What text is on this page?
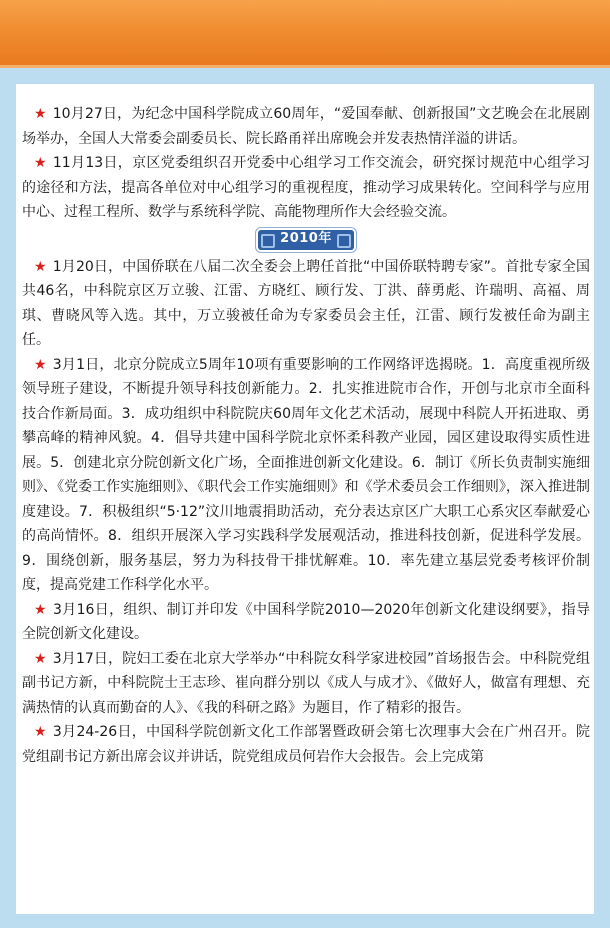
★ 10月27日，为纪念中国科学院成立60周年，“爱国奉献、创新报国”文艺晚会在北展剧场举办，全国人大常委会副委员长、院长路甬祥出席晚会并发表热情洋溢的讲话。

★ 11月13日，京区党委组织召开党委中心组学习工作交流会，研究探讨规范中心组学习的途径和方法，提高各单位对中心组学习的重视程度，推动学习成果转化。空间科学与应用中心、过程工程所、数学与系统科学院、高能物理所作大会经验交流。

2010年

★ 1月20日，中国侨联在八届二次全委会上聘任首批“中国侨联特聘专家”。首批专家全国共46名，中科院京区万立骏、江雷、方晓红、顾行发、丁洪、薛勇彪、许瑞明、高福、周琪、曹晓风等入选。其中，万立骏被任命为专家委员会主任，江雷、顾行发被任命为副主任。

★ 3月1日，北京分院成立5周年10项有重要影响的工作网络评选揭晓。1．高度重视所级领导班子建设，不断提升领导科技创新能力。2．扎实推进院市合作，开创与北京市全面科技合作新局面。3．成功组织中科院院庆60周年文化艺术活动，展现中科院人开拓进取、勇攀高峰的精神风貌。4．倡导共建中国科学院北京怀柔科教产业园，园区建设取得实质性进展。5．创建北京分院创新文化广场，全面推进创新文化建设。6．制订《所长负责制实施细则》、《党委工作实施细则》、《职代会工作实施细则》和《学术委员会工作细则》，深入推进制度建设。7．积极组织“5·12”汶川地震捐助活动，充分表达京区广大职工心系灾区奉献爱心的高尚情怀。8．组织开展深入学习实践科学发展观活动，推进科技创新，促进科学发展。9．围绕创新，服务基层，努力为科技骨干排忧解难。10．率先建立基层党委考核评价制度，提高党建工作科学化水平。

★ 3月16日，组织、制订并印发《中国科学院2010—2020年创新文化建设纲要》，指导全院创新文化建设。

★ 3月17日，院妇工委在北京大学举办“中科院女科学家进校园”首场报告会。中科院党组副书记方新，中科院院士王志珍、崔向群分别以《成人与成才》、《做好人，做富有理想、充满热情的认真而勤奋的人》、《我的科研之路》为题目，作了精彩的报告。

★ 3月24-26日，中国科学院创新文化工作部署暨政研会第七次理事大会在广州召开。院党组副书记方新出席会议并讲话，院党组成员何岩作大会报告。会上完成第
